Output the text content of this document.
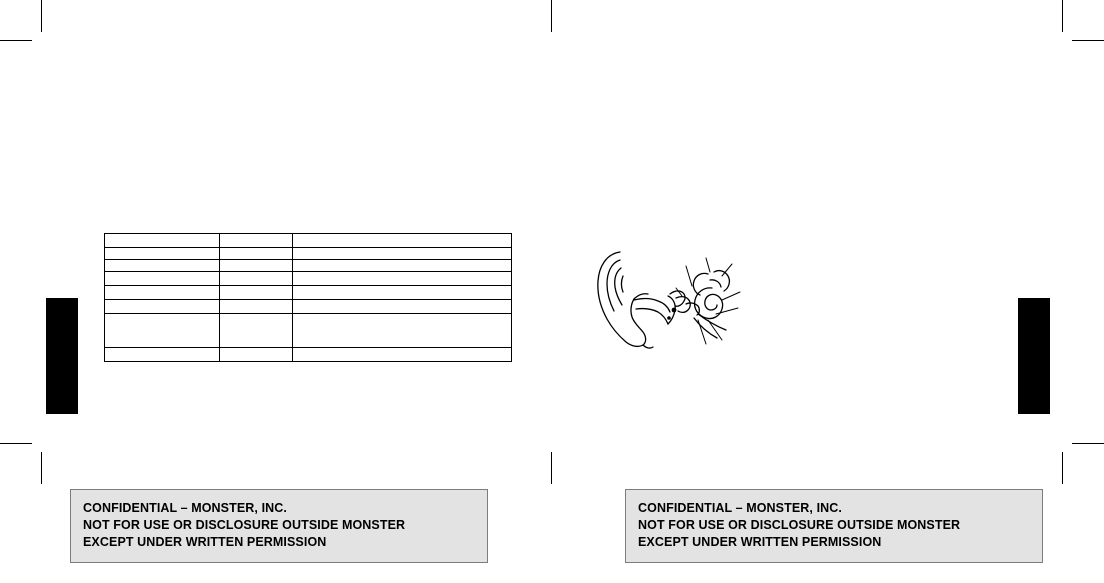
CONFIDENTIAL – MONSTER, INC.
NOT FOR USE OR DISCLOSURE OUTSIDE MONSTER
EXCEPT UNDER WRITTEN PERMISSION
CONFIDENTIAL – MONSTER, INC.
NOT FOR USE OR DISCLOSURE OUTSIDE MONSTER
EXCEPT UNDER WRITTEN PERMISSION
